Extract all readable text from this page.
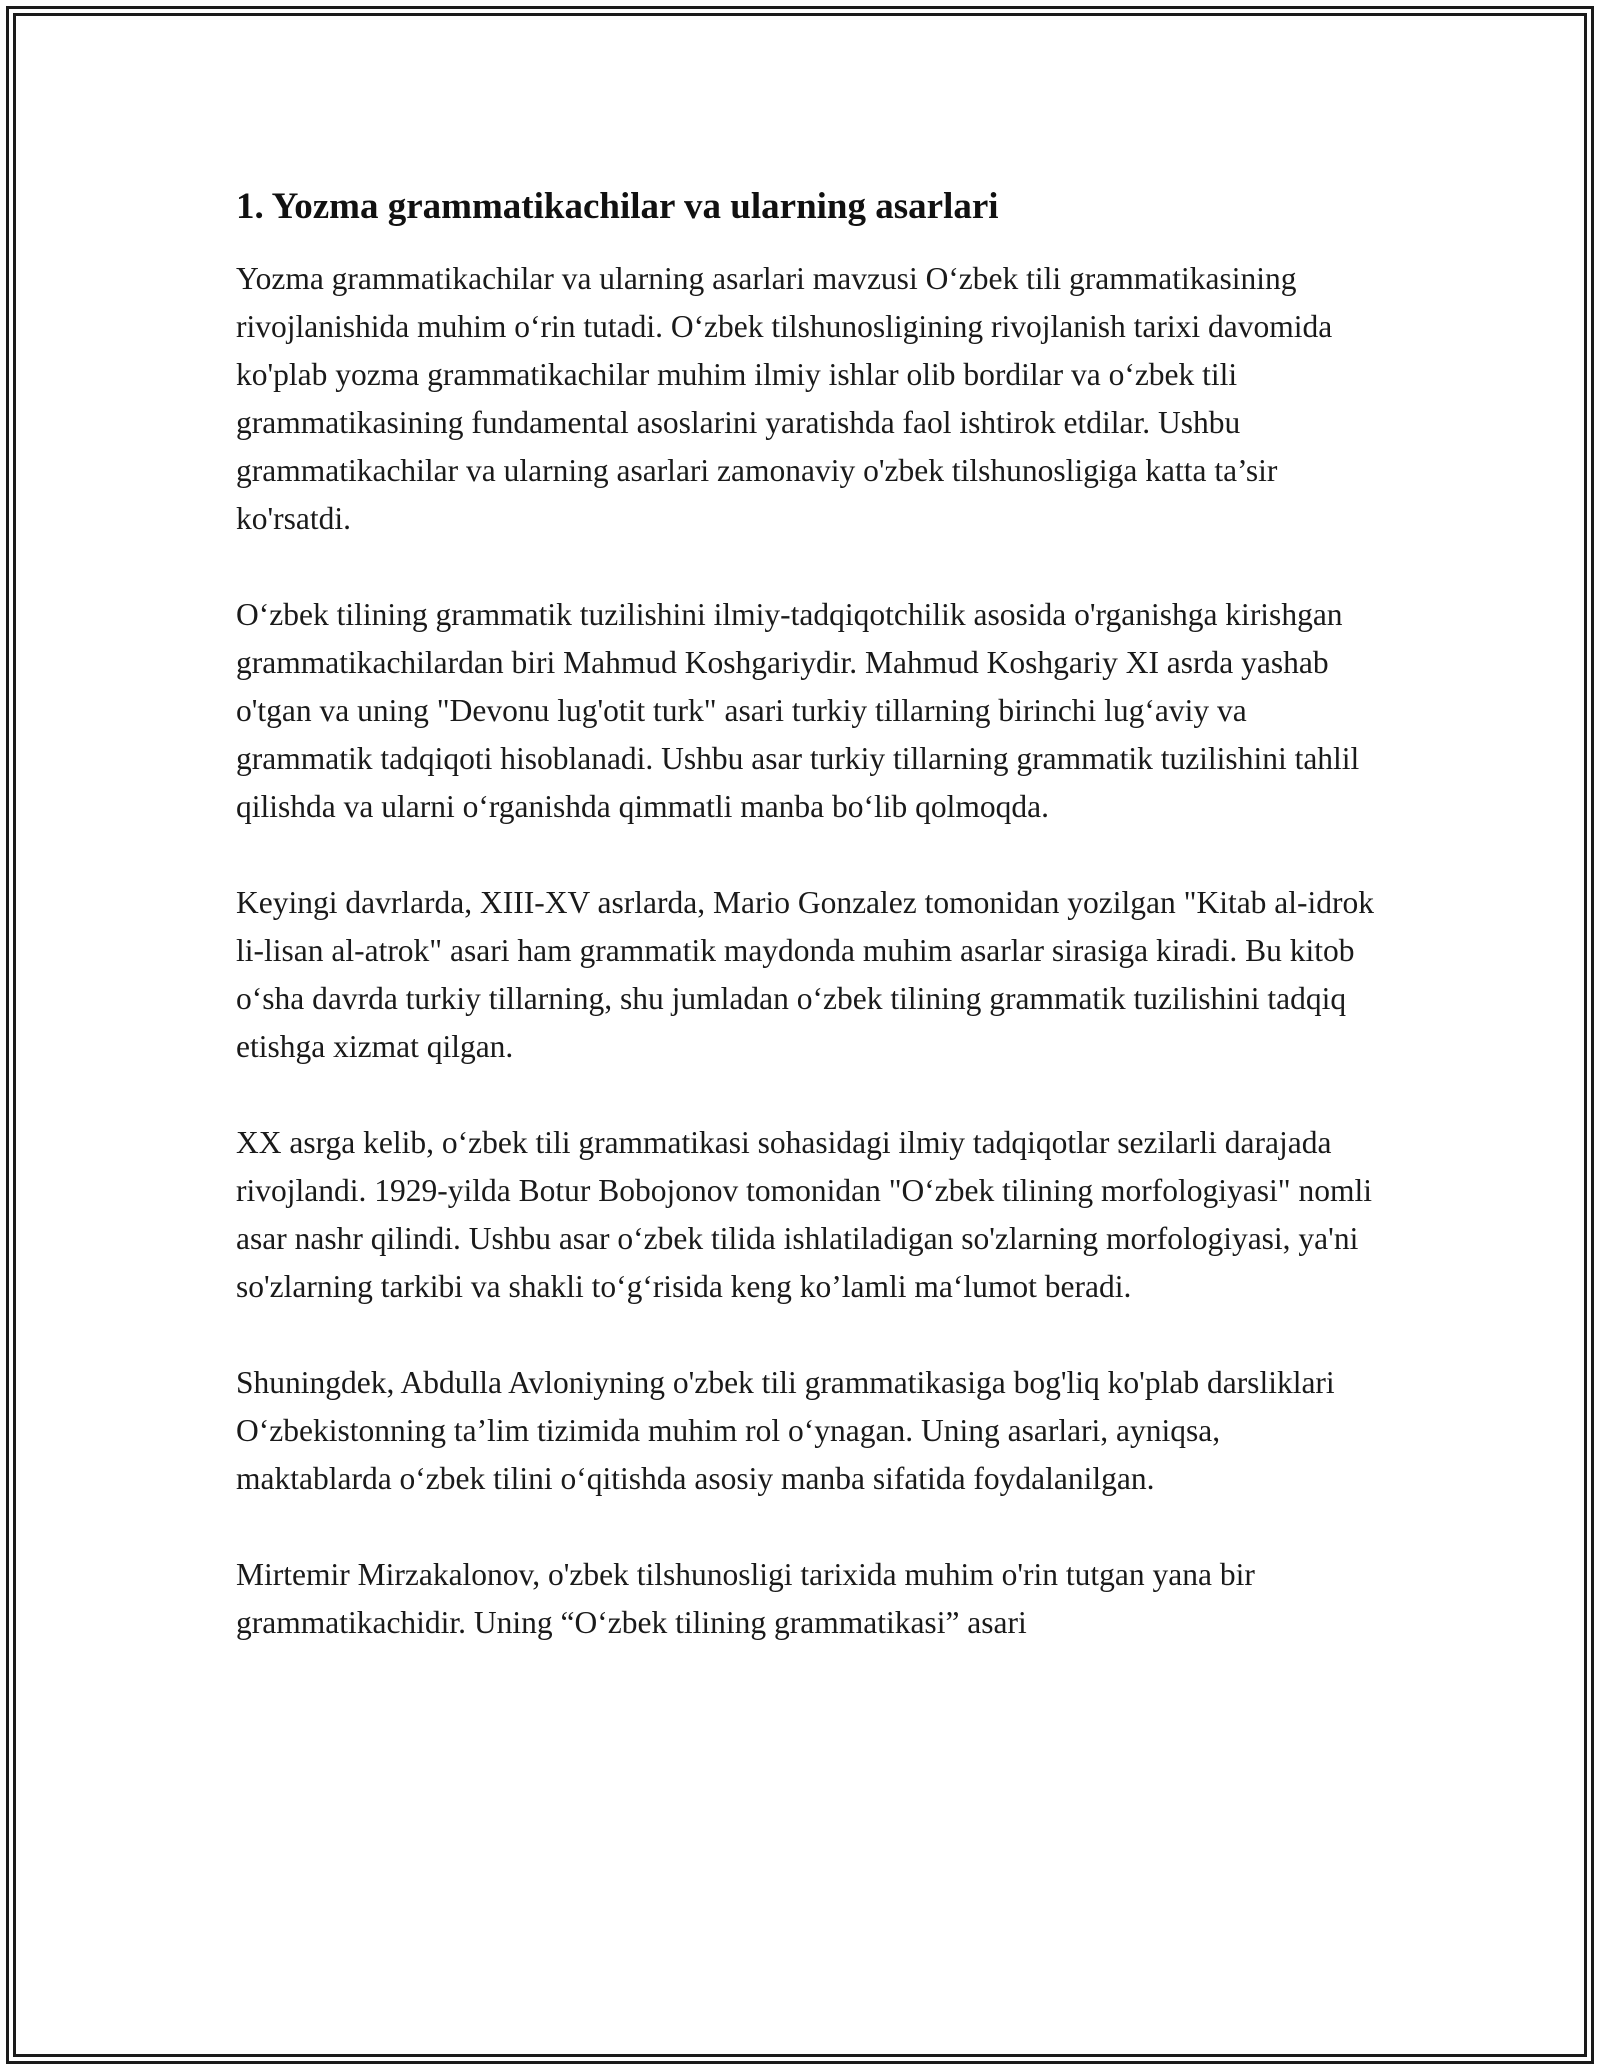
1. Yozma grammatikachilar va ularning asarlari

Yozma grammatikachilar va ularning asarlari mavzusi O‘zbek tili grammatikasining rivojlanishida muhim o‘rin tutadi. O‘zbek tilshunosligining rivojlanish tarixi davomida ko'plab yozma grammatikachilar muhim ilmiy ishlar olib bordilar va o‘zbek tili grammatikasining fundamental asoslarini yaratishda faol ishtirok etdilar. Ushbu grammatikachilar va ularning asarlari zamonaviy o'zbek tilshunosligiga katta ta’sir ko'rsatdi.

O‘zbek tilining grammatik tuzilishini ilmiy-tadqiqotchilik asosida o'rganishga kirishgan grammatikachilardan biri Mahmud Koshgariydir. Mahmud Koshgariy XI asrda yashab o'tgan va uning "Devonu lug'otit turk" asari turkiy tillarning birinchi lug‘aviy va grammatik tadqiqoti hisoblanadi. Ushbu asar turkiy tillarning grammatik tuzilishini tahlil qilishda va ularni o‘rganishda qimmatli manba bo‘lib qolmoqda.

Keyingi davrlarda, XIII-XV asrlarda, Mario Gonzalez tomonidan yozilgan "Kitab al-idrok li-lisan al-atrok" asari ham grammatik maydonda muhim asarlar sirasiga kiradi. Bu kitob o‘sha davrda turkiy tillarning, shu jumladan o‘zbek tilining grammatik tuzilishini tadqiq etishga xizmat qilgan.

XX asrga kelib, o‘zbek tili grammatikasi sohasidagi ilmiy tadqiqotlar sezilarli darajada rivojlandi. 1929-yilda Botur Bobojonov tomonidan "O‘zbek tilining morfologiyasi" nomli asar nashr qilindi. Ushbu asar o‘zbek tilida ishlatiladigan so'zlarning morfologiyasi, ya'ni so'zlarning tarkibi va shakli to‘g‘risida keng ko’lamli ma‘lumot beradi.

Shuningdek, Abdulla Avloniyning o'zbek tili grammatikasiga bog'liq ko'plab darsliklari O‘zbekistonning ta’lim tizimida muhim rol o‘ynagan. Uning asarlari, ayniqsa, maktablarda o‘zbek tilini o‘qitishda asosiy manba sifatida foydalanilgan.

Mirtemir Mirzakalonov, o'zbek tilshunosligi tarixida muhim o'rin tutgan yana bir grammatikachidir. Uning “O‘zbek tilining grammatikasi” asari
